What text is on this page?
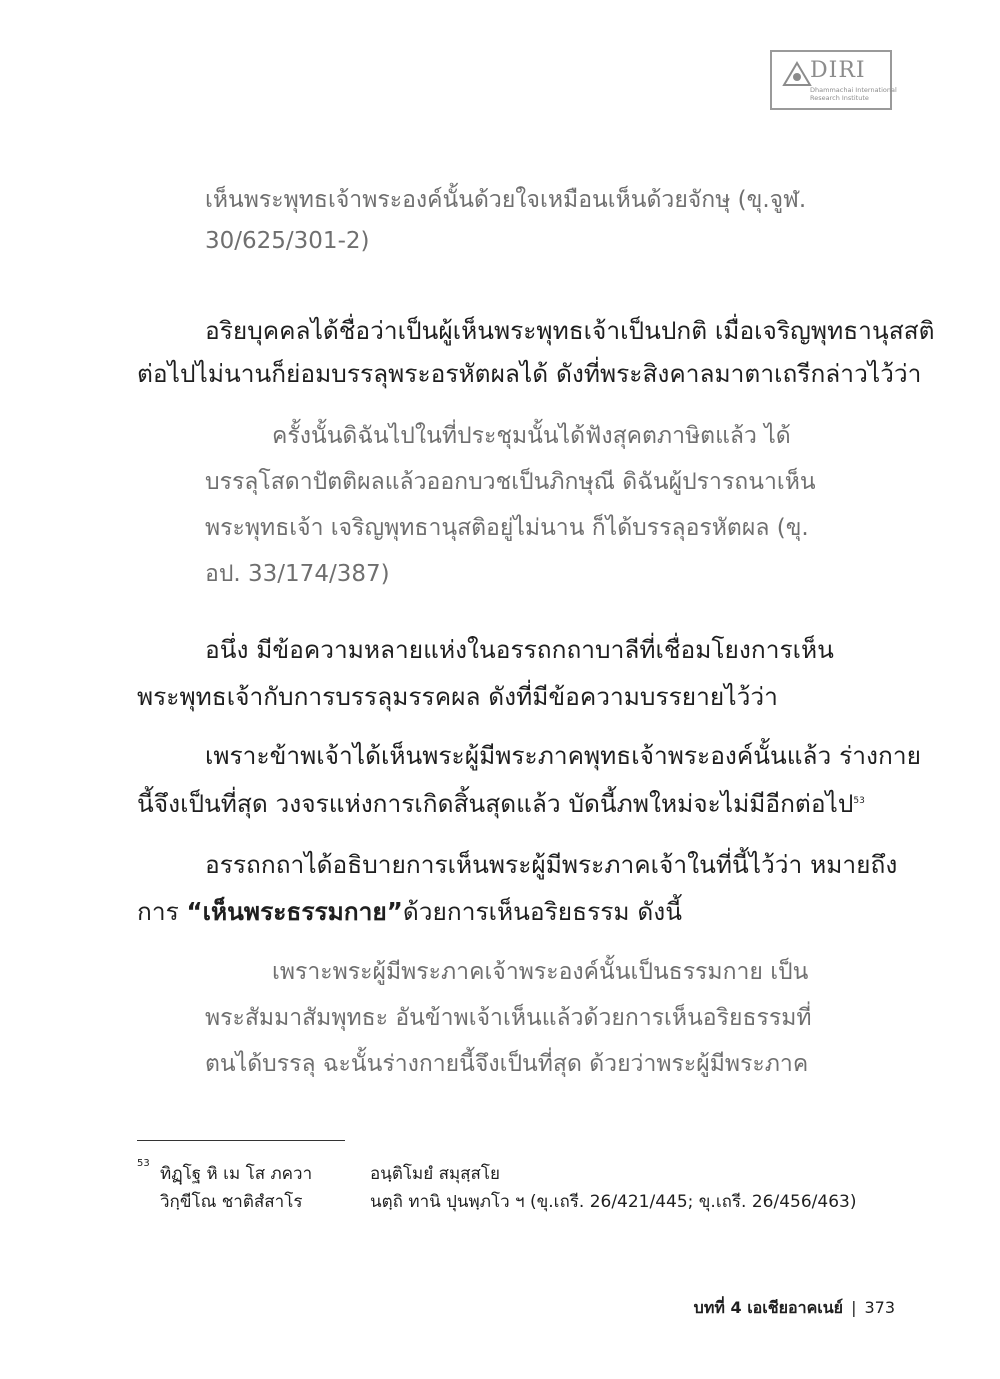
DIRI
Dhammachai International
Research Institute
เห็นพระพุทธเจ้าพระองค์นั้นด้วยใจเหมือนเห็นด้วยจักษุ (ขุ.จูฬ.
30/625/301-2)
อริยบุคคลได้ชื่อว่าเป็นผู้เห็นพระพุทธเจ้าเป็นปกติ เมื่อเจริญพุทธานุสสติ
ต่อไปไม่นานก็ย่อมบรรลุพระอรหัตผลได้ ดังที่พระสิงคาลมาตาเถรีกล่าวไว้ว่า
ครั้งนั้นดิฉันไปในที่ประชุมนั้นได้ฟังสุคตภาษิตแล้ว ได้
บรรลุโสดาปัตติผลแล้วออกบวชเป็นภิกษุณี ดิฉันผู้ปรารถนาเห็น
พระพุทธเจ้า เจริญพุทธานุสติอยู่ไม่นาน ก็ได้บรรลุอรหัตผล (ขุ.
อป. 33/174/387)
อนึ่ง มีข้อความหลายแห่งในอรรถกถาบาลีที่เชื่อมโยงการเห็น
พระพุทธเจ้ากับการบรรลุมรรคผล ดังที่มีข้อความบรรยายไว้ว่า
เพราะข้าพเจ้าได้เห็นพระผู้มีพระภาคพุทธเจ้าพระองค์นั้นแล้ว ร่างกาย
นี้จึงเป็นที่สุด วงจรแห่งการเกิดสิ้นสุดแล้ว บัดนี้ภพใหม่จะไม่มีอีกต่อไป$^{53}$
อรรถกถาได้อธิบายการเห็นพระผู้มีพระภาคเจ้าในที่นี้ไว้ว่า หมายถึง
การ “เห็นพระธรรมกาย”ด้วยการเห็นอริยธรรม ดังนี้
เพราะพระผู้มีพระภาคเจ้าพระองค์นั้นเป็นธรรมกาย เป็น
พระสัมมาสัมพุทธะ อันข้าพเจ้าเห็นแล้วด้วยการเห็นอริยธรรมที่
ตนได้บรรลุ ฉะนั้นร่างกายนี้จึงเป็นที่สุด ด้วยว่าพระผู้มีพระภาค
53
ทิฏฺโฐ หิ เม โส ภควา
วิกฺขีโณ ชาติสํสาโร
อนฺติโมยํ สมุสฺสโย
นตฺถิ ทานิ ปุนพฺภโว ฯ (ขุ.เถรี. 26/421/445; ขุ.เถรี. 26/456/463)
บทที่ 4 เอเชียอาคเนย์ | 373
